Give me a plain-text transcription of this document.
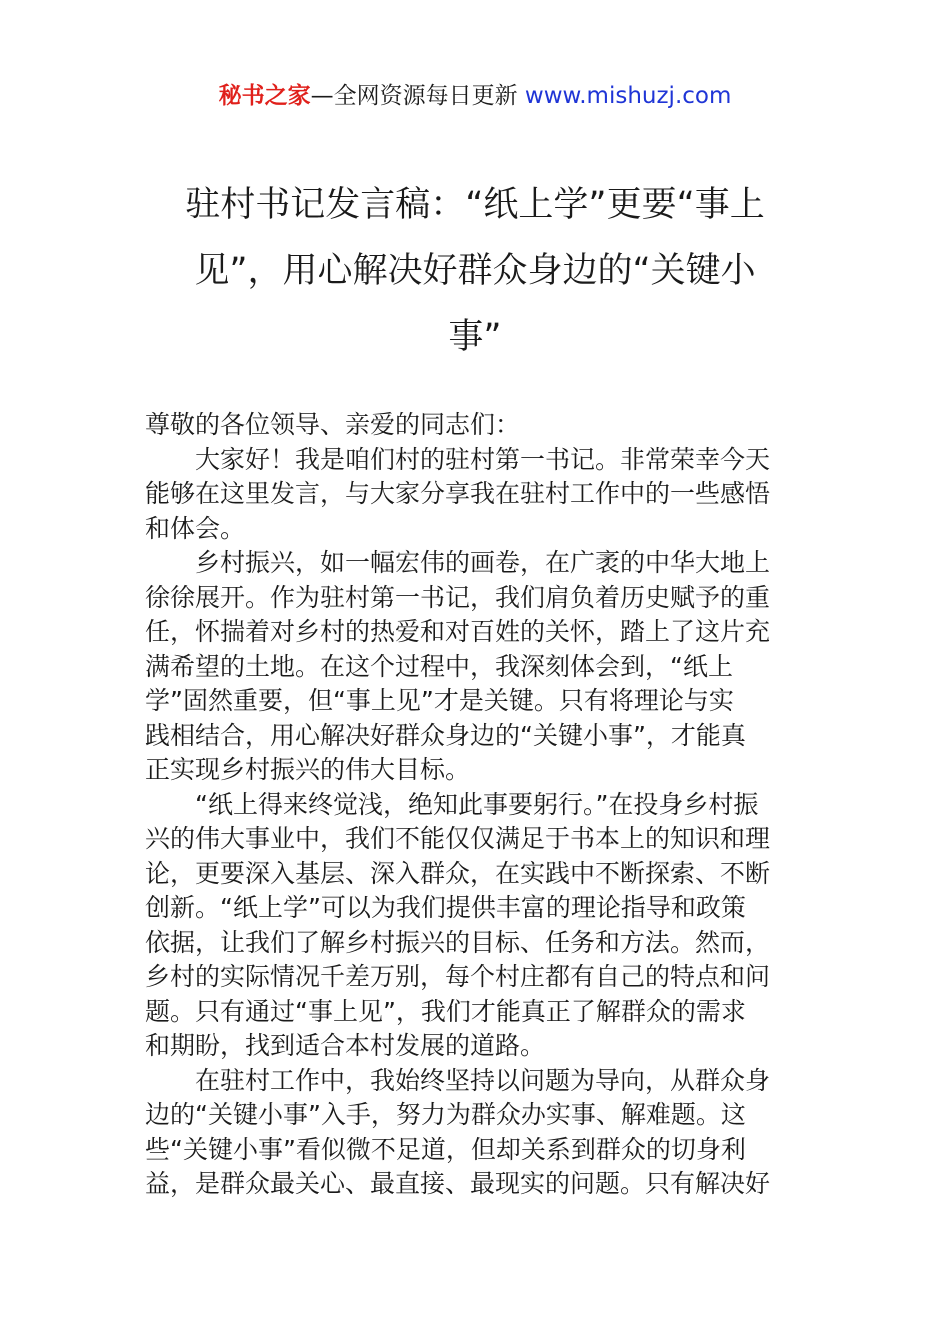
秘书之家—全网资源每日更新 www.mishuzj.com
驻村书记发言稿：“纸上学”更要“事上
见”，用心解决好群众身边的“关键小
事”
尊敬的各位领导、亲爱的同志们：
大家好！我是咱们村的驻村第一书记。非常荣幸今天
能够在这里发言，与大家分享我在驻村工作中的一些感悟
和体会。
乡村振兴，如一幅宏伟的画卷，在广袤的中华大地上
徐徐展开。作为驻村第一书记，我们肩负着历史赋予的重
任，怀揣着对乡村的热爱和对百姓的关怀，踏上了这片充
满希望的土地。在这个过程中，我深刻体会到，“纸上
学”固然重要，但“事上见”才是关键。只有将理论与实
践相结合，用心解决好群众身边的“关键小事”，才能真
正实现乡村振兴的伟大目标。
“纸上得来终觉浅，绝知此事要躬行。”在投身乡村振
兴的伟大事业中，我们不能仅仅满足于书本上的知识和理
论，更要深入基层、深入群众，在实践中不断探索、不断
创新。“纸上学”可以为我们提供丰富的理论指导和政策
依据，让我们了解乡村振兴的目标、任务和方法。然而，
乡村的实际情况千差万别，每个村庄都有自己的特点和问
题。只有通过“事上见”，我们才能真正了解群众的需求
和期盼，找到适合本村发展的道路。
在驻村工作中，我始终坚持以问题为导向，从群众身
边的“关键小事”入手，努力为群众办实事、解难题。这
些“关键小事”看似微不足道，但却关系到群众的切身利
益，是群众最关心、最直接、最现实的问题。只有解决好
